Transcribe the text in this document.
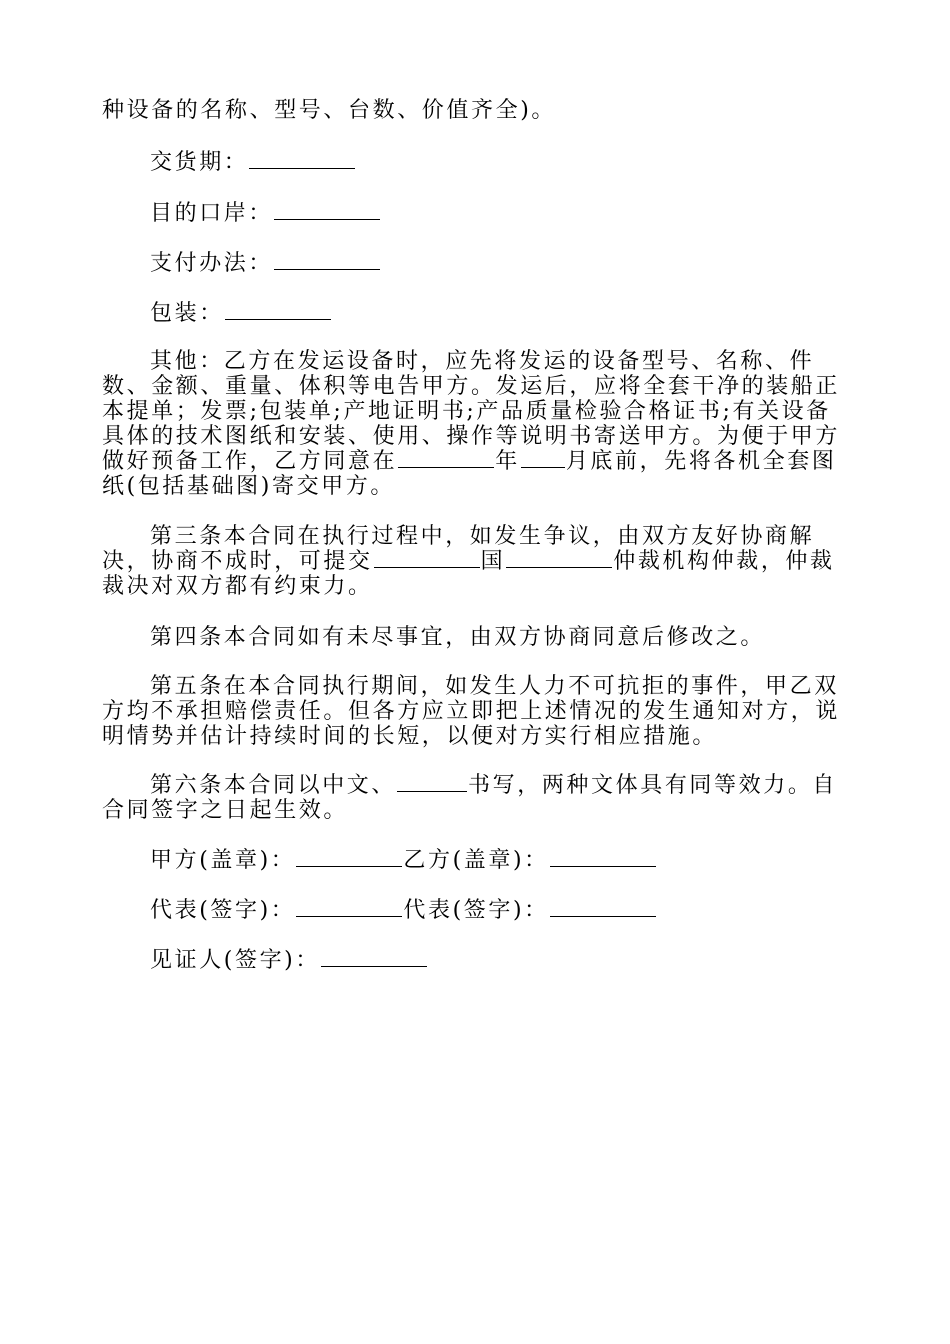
种设备的名称、型号、台数、价值齐全)。

交货期：

目的口岸：

支付办法：

包装：

其他：乙方在发运设备时，应先将发运的设备型号、名称、件数、金额、重量、体积等电告甲方。发运后，应将全套干净的装船正本提单；发票;包装单;产地证明书;产品质量检验合格证书;有关设备具体的技术图纸和安装、使用、操作等说明书寄送甲方。为便于甲方做好预备工作，乙方同意在	年 月底前，先将各机全套图纸(包括基础图)寄交甲方。

第三条本合同在执行过程中，如发生争议，由双方友好协商解决，协商不成时，可提交	国	仲裁机构仲裁，仲裁裁决对双方都有约束力。

第四条本合同如有未尽事宜，由双方协商同意后修改之。

第五条在本合同执行期间，如发生人力不可抗拒的事件，甲乙双方均不承担赔偿责任。但各方应立即把上述情况的发生通知对方，说明情势并估计持续时间的长短，以便对方实行相应措施。

第六条本合同以中文、	书写，两种文体具有同等效力。自合同签字之日起生效。

甲方(盖章)：	乙方(盖章)：

代表(签字)：	代表(签字)：

见证人(签字)：
